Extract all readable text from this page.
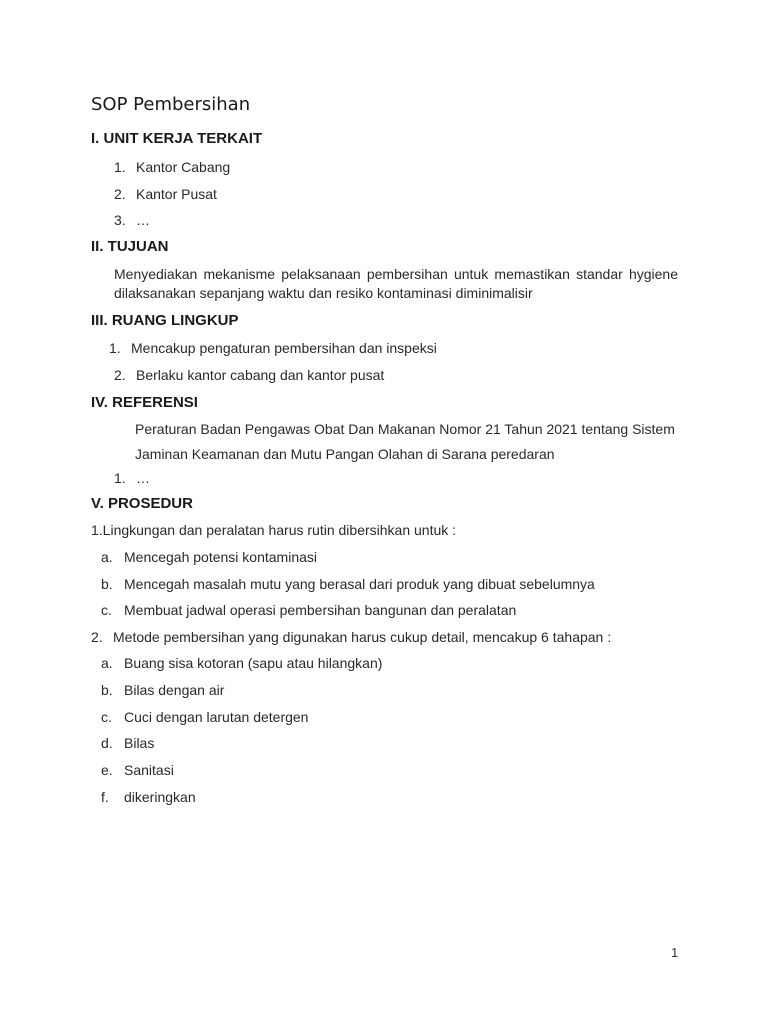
SOP Pembersihan
I. UNIT KERJA TERKAIT
1. Kantor Cabang
2. Kantor Pusat
3. …
II. TUJUAN
Menyediakan mekanisme pelaksanaan pembersihan untuk memastikan standar hygiene dilaksanakan sepanjang waktu dan resiko kontaminasi diminimalisir
III. RUANG LINGKUP
1. Mencakup pengaturan pembersihan dan inspeksi
2. Berlaku kantor cabang dan kantor pusat
IV. REFERENSI
Peraturan Badan Pengawas Obat Dan Makanan Nomor 21 Tahun 2021 tentang Sistem
Jaminan Keamanan dan Mutu Pangan Olahan di Sarana peredaran
1. …
V. PROSEDUR
1.Lingkungan dan peralatan harus rutin dibersihkan untuk :
a. Mencegah potensi kontaminasi
b. Mencegah masalah mutu yang berasal dari produk yang dibuat sebelumnya
c. Membuat jadwal operasi pembersihan bangunan dan peralatan
2. Metode pembersihan yang digunakan harus cukup detail, mencakup 6 tahapan :
a. Buang sisa kotoran (sapu atau hilangkan)
b. Bilas dengan air
c. Cuci dengan larutan detergen
d. Bilas
e. Sanitasi
f. dikeringkan
1
